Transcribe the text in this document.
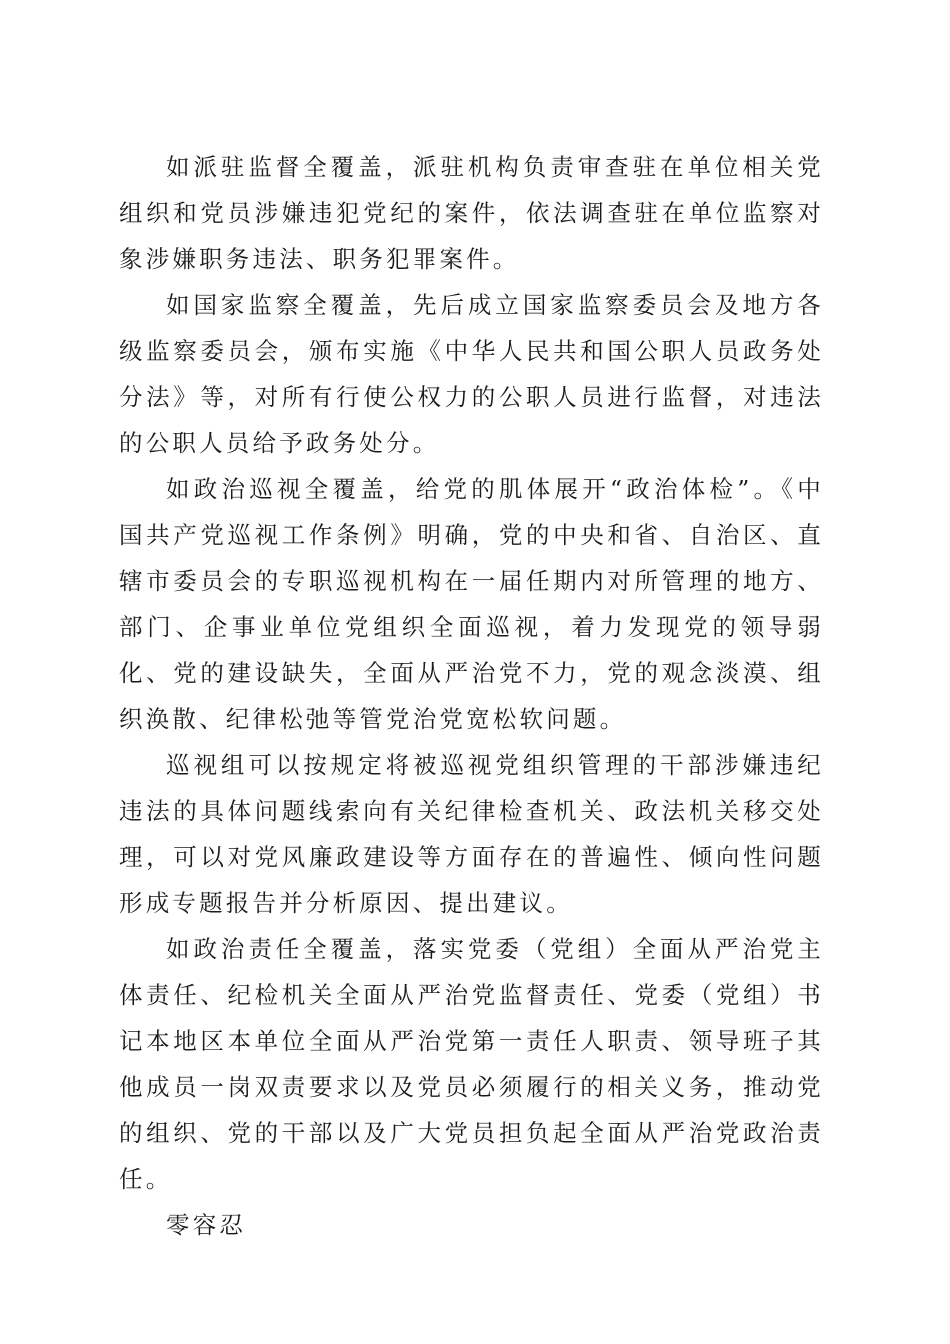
如派驻监督全覆盖，派驻机构负责审查驻在单位相关党组织和党员涉嫌违犯党纪的案件，依法调查驻在单位监察对象涉嫌职务违法、职务犯罪案件。

如国家监察全覆盖，先后成立国家监察委员会及地方各级监察委员会，颁布实施《中华人民共和国公职人员政务处分法》等，对所有行使公权力的公职人员进行监督，对违法的公职人员给予政务处分。

如政治巡视全覆盖，给党的肌体展开“政治体检”。《中国共产党巡视工作条例》明确，党的中央和省、自治区、直辖市委员会的专职巡视机构在一届任期内对所管理的地方、部门、企事业单位党组织全面巡视，着力发现党的领导弱化、党的建设缺失，全面从严治党不力，党的观念淡漠、组织涣散、纪律松弛等管党治党宽松软问题。

巡视组可以按规定将被巡视党组织管理的干部涉嫌违纪违法的具体问题线索向有关纪律检查机关、政法机关移交处理，可以对党风廉政建设等方面存在的普遍性、倾向性问题形成专题报告并分析原因、提出建议。

如政治责任全覆盖，落实党委（党组）全面从严治党主体责任、纪检机关全面从严治党监督责任、党委（党组）书记本地区本单位全面从严治党第一责任人职责、领导班子其他成员一岗双责要求以及党员必须履行的相关义务，推动党的组织、党的干部以及广大党员担负起全面从严治党政治责任。

零容忍
